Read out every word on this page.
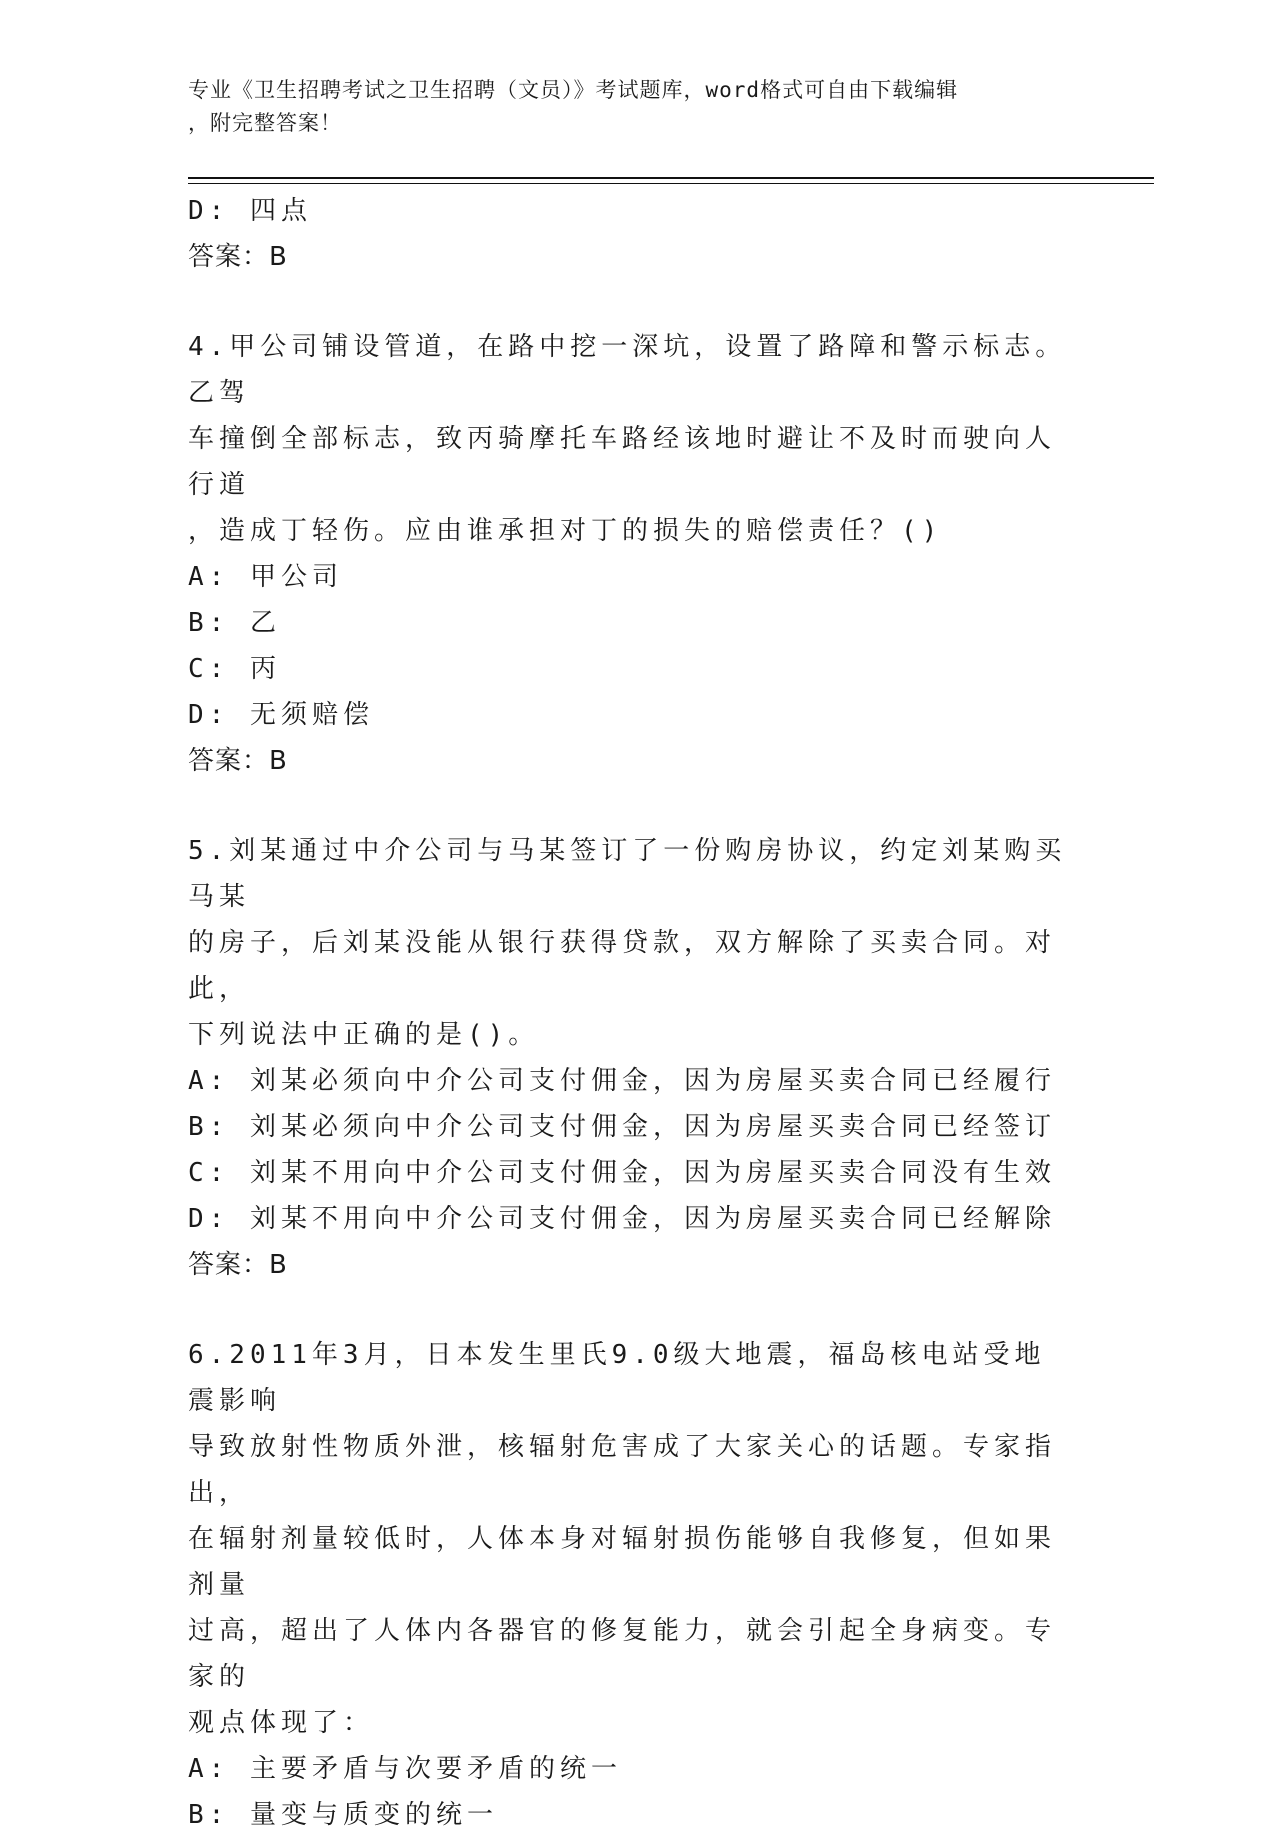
专业《卫生招聘考试之卫生招聘（文员）》考试题库，word格式可自由下载编辑
，附完整答案！
D: 四点
答案：B
4.甲公司铺设管道，在路中挖一深坑，设置了路障和警示标志。乙驾
车撞倒全部标志，致丙骑摩托车路经该地时避让不及时而驶向人行道
，造成丁轻伤。应由谁承担对丁的损失的赔偿责任？()
A: 甲公司
B: 乙
C: 丙
D: 无须赔偿
答案：B
5.刘某通过中介公司与马某签订了一份购房协议，约定刘某购买马某
的房子，后刘某没能从银行获得贷款，双方解除了买卖合同。对此，
下列说法中正确的是()。
A: 刘某必须向中介公司支付佣金，因为房屋买卖合同已经履行
B: 刘某必须向中介公司支付佣金，因为房屋买卖合同已经签订
C: 刘某不用向中介公司支付佣金，因为房屋买卖合同没有生效
D: 刘某不用向中介公司支付佣金，因为房屋买卖合同已经解除
答案：B
6.2011年3月，日本发生里氏9.0级大地震，福岛核电站受地震影响
导致放射性物质外泄，核辐射危害成了大家关心的话题。专家指出，
在辐射剂量较低时，人体本身对辐射损伤能够自我修复，但如果剂量
过高，超出了人体内各器官的修复能力，就会引起全身病变。专家的
观点体现了：
A: 主要矛盾与次要矛盾的统一
B: 量变与质变的统一
